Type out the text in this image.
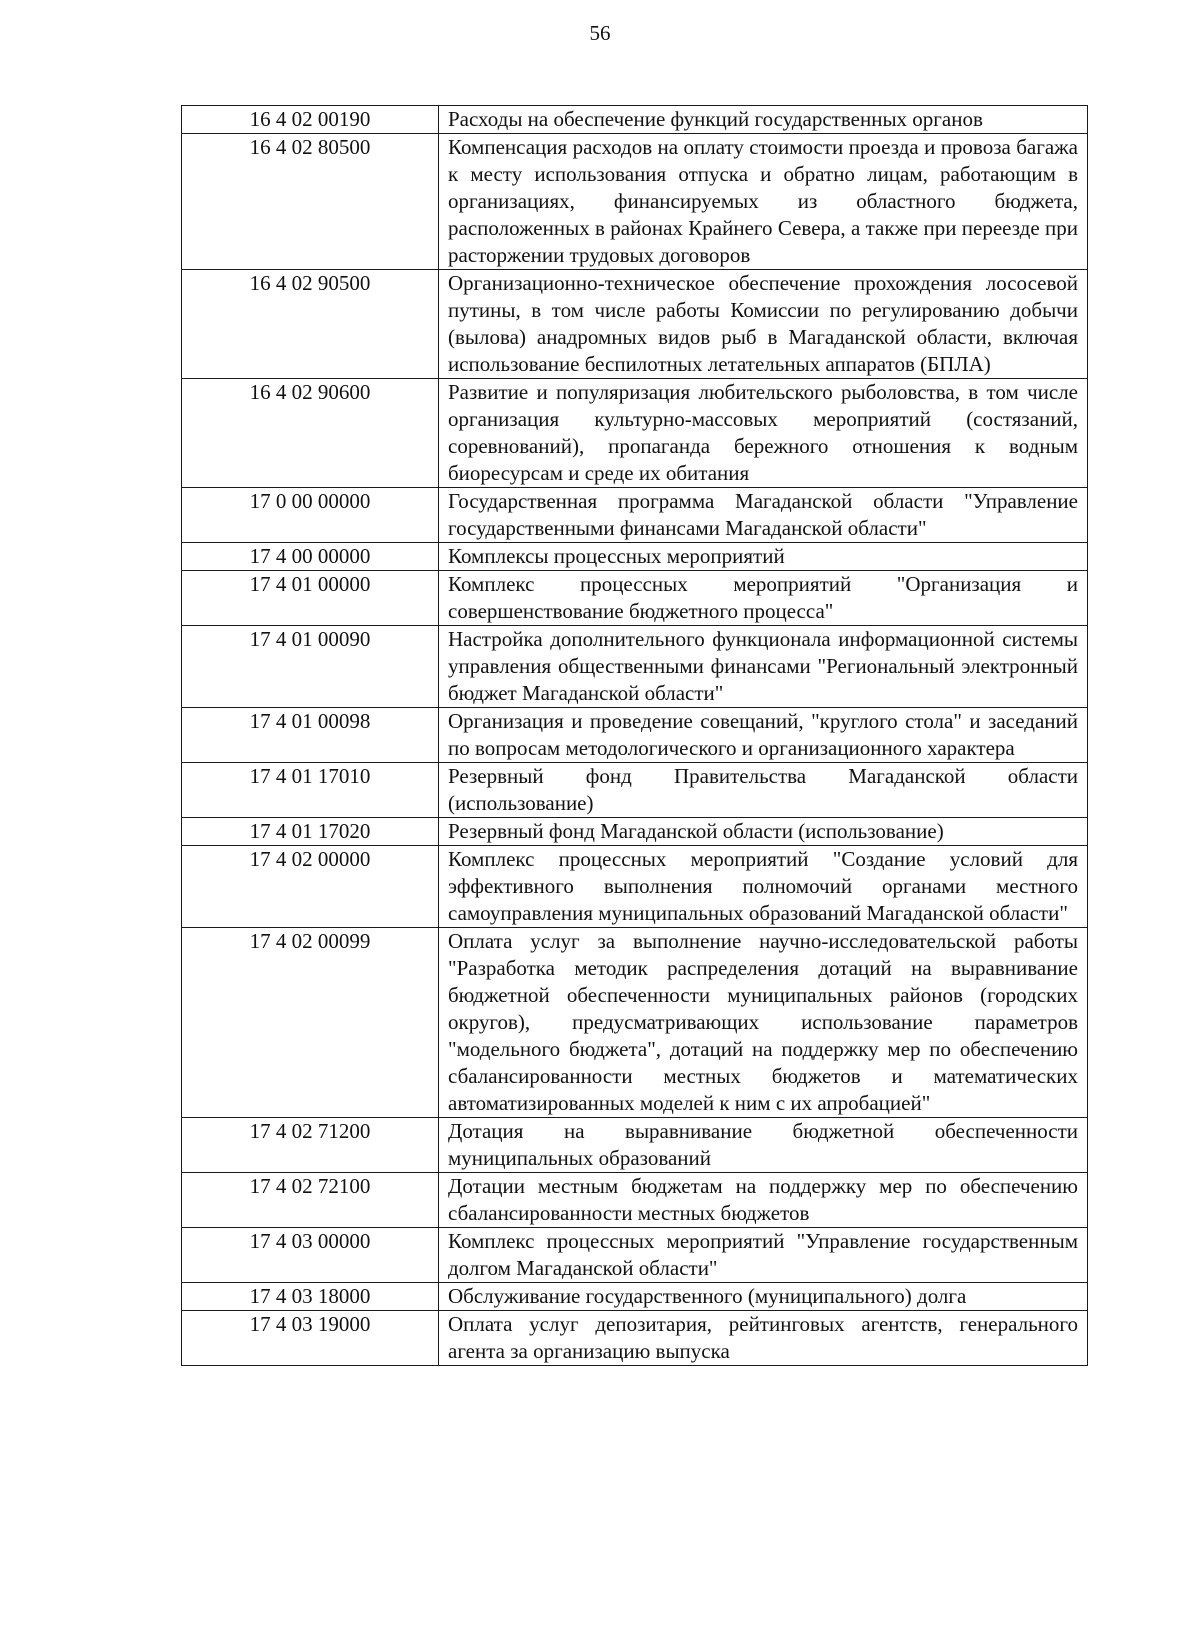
56
16 4 02 00190	Расходы на обеспечение функций государственных органов
16 4 02 80500	Компенсация расходов на оплату стоимости проезда и провоза багажа к месту использования отпуска и обратно лицам, работающим в организациях, финансируемых из областного бюджета, расположенных в районах Крайнего Севера, а также при переезде при расторжении трудовых договоров
16 4 02 90500	Организационно-техническое обеспечение прохождения лососевой путины, в том числе работы Комиссии по регулированию добычи (вылова) анадромных видов рыб в Магаданской области, включая использование беспилотных летательных аппаратов (БПЛА)
16 4 02 90600	Развитие и популяризация любительского рыболовства, в том числе организация культурно-массовых мероприятий (состязаний, соревнований), пропаганда бережного отношения к водным биоресурсам и среде их обитания
17 0 00 00000	Государственная программа Магаданской области "Управление государственными финансами Магаданской области"
17 4 00 00000	Комплексы процессных мероприятий
17 4 01 00000	Комплекс процессных мероприятий "Организация и совершенствование бюджетного процесса"
17 4 01 00090	Настройка дополнительного функционала информационной системы управления общественными финансами "Региональный электронный бюджет Магаданской области"
17 4 01 00098	Организация и проведение совещаний, "круглого стола" и заседаний по вопросам методологического и организационного характера
17 4 01 17010	Резервный фонд Правительства Магаданской области (использование)
17 4 01 17020	Резервный фонд Магаданской области (использование)
17 4 02 00000	Комплекс процессных мероприятий "Создание условий для эффективного выполнения полномочий органами местного самоуправления муниципальных образований Магаданской области"
17 4 02 00099	Оплата услуг за выполнение научно-исследовательской работы "Разработка методик распределения дотаций на выравнивание бюджетной обеспеченности муниципальных районов (городских округов), предусматривающих использование параметров "модельного бюджета", дотаций на поддержку мер по обеспечению сбалансированности местных бюджетов и математических автоматизированных моделей к ним с их апробацией"
17 4 02 71200	Дотация на выравнивание бюджетной обеспеченности муниципальных образований
17 4 02 72100	Дотации местным бюджетам на поддержку мер по обеспечению сбалансированности местных бюджетов
17 4 03 00000	Комплекс процессных мероприятий "Управление государственным долгом Магаданской области"
17 4 03 18000	Обслуживание государственного (муниципального) долга
17 4 03 19000	Оплата услуг депозитария, рейтинговых агентств, генерального агента за организацию выпуска
